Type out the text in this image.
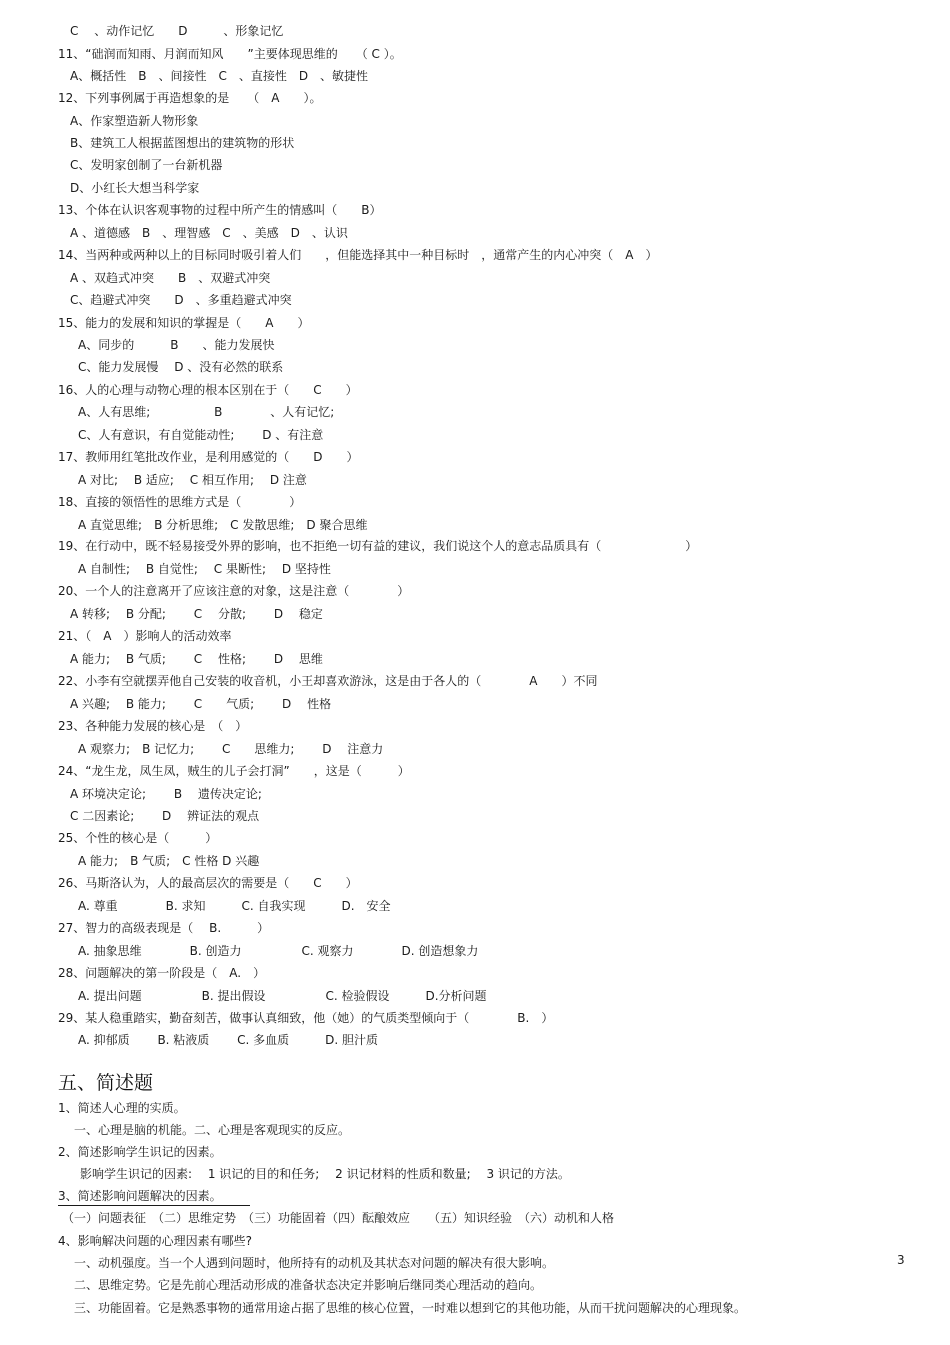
C　 、动作记忆　　D　　　、形象记忆
11、“础润而知雨、月润而知风　　”主要体现思维的　　（ C ）。
A、概括性　B　、间接性　C　、直接性　D　、敏捷性
12、下列事例属于再造想象的是　　（　A　　）。
A、作家塑造新人物形象
B、建筑工人根据蓝图想出的建筑物的形状
C、发明家创制了一台新机器
D、小红长大想当科学家
13、个体在认识客观事物的过程中所产生的情感叫（　　B）
A 、道德感　B　、理智感　C　、美感　D　、认识
14、当两种或两种以上的目标同时吸引着人们　　，但能选择其中一种目标时　，通常产生的内心冲突（　A　）
A 、双趋式冲突　　B　、双避式冲突
C、趋避式冲突　　D　、多重趋避式冲突
15、能力的发展和知识的掌握是（　　A　　）
A、同步的　　　B　　、能力发展快
C、能力发展慢　 D 、没有必然的联系
16、人的心理与动物心理的根本区别在于（　　C　　）
A、人有思维;　　　　　 B　　　　、人有记忆;
C、人有意识，有自觉能动性;　　 D 、有注意
17、教师用红笔批改作业，是利用感觉的（　　D　　）
A 对比;　 B 适应;　 C 相互作用;　 D 注意
18、直接的领悟性的思维方式是（　　　　）
A 直觉思维;　B 分析思维;　C 发散思维;　D 聚合思维
19、在行动中，既不轻易接受外界的影响，也不拒绝一切有益的建议，我们说这个人的意志品质具有（　　　　　　　）
A 自制性;　 B 自觉性;　 C 果断性;　 D 坚持性
20、一个人的注意离开了应该注意的对象，这是注意（　　　　）
A 转移;　 B 分配;　　 C　 分散;　　 D　 稳定
21、（　A　）影响人的活动效率
A 能力;　 B 气质;　　 C　 性格;　　 D　 思维
22、小李有空就摆弄他自己安装的收音机，小王却喜欢游泳，这是由于各人的（　　　　A　　）不同
A 兴趣;　 B 能力;　　 C　　气质;　　 D　 性格
23、各种能力发展的核心是　（　）
A 观察力;　B 记忆力;　　 C　　思维力;　　 D　 注意力
24、“龙生龙，凤生凤，贼生的儿子会打洞”　　，这是（　　　）
A 环境决定论;　　 B　 遗传决定论;
C 二因素论;　　 D　 辨证法的观点
25、个性的核心是（　　　）
A 能力;　B 气质;　C 性格 D 兴趣
26、马斯洛认为，人的最高层次的需要是（　　C　　）
A. 尊重　　　　B. 求知　　　C. 自我实现　　　D.　安全
27、智力的高级表现是（　 B.　　　）
A. 抽象思维　　　　B. 创造力　　　　　C. 观察力　　　　D. 创造想象力
28、问题解决的第一阶段是（　A.　）
A. 提出问题　　　　　B. 提出假设　　　　　C. 检验假设　　　D.分析问题
29、某人稳重踏实，勤奋刻苦，做事认真细致，他（她）的气质类型倾向于（　　　　B.　）
A. 抑郁质　　 B. 粘液质　　 C. 多血质　　　D. 胆汁质
五、简述题
1、简述人心理的实质。
一、心理是脑的机能。二、心理是客观现实的反应。
2、简述影响学生识记的因素。
影响学生识记的因素:　 1 识记的目的和任务;　 2 识记材料的性质和数量;　 3 识记的方法。
3、简述影响问题解决的因素。
（一）问题表征　（二）思维定势　（三）功能固着（四）酝酿效应　　（五）知识经验　（六）动机和人格
4、影响解决问题的心理因素有哪些?
一、动机强度。当一个人遇到问题时，他所持有的动机及其状态对问题的解决有很大影响。
二、思维定势。它是先前心理活动形成的准备状态决定并影响后继同类心理活动的趋向。
三、功能固着。它是熟悉事物的通常用途占据了思维的核心位置，一时难以想到它的其他功能，从而干扰问题解决的心理现象。
3
